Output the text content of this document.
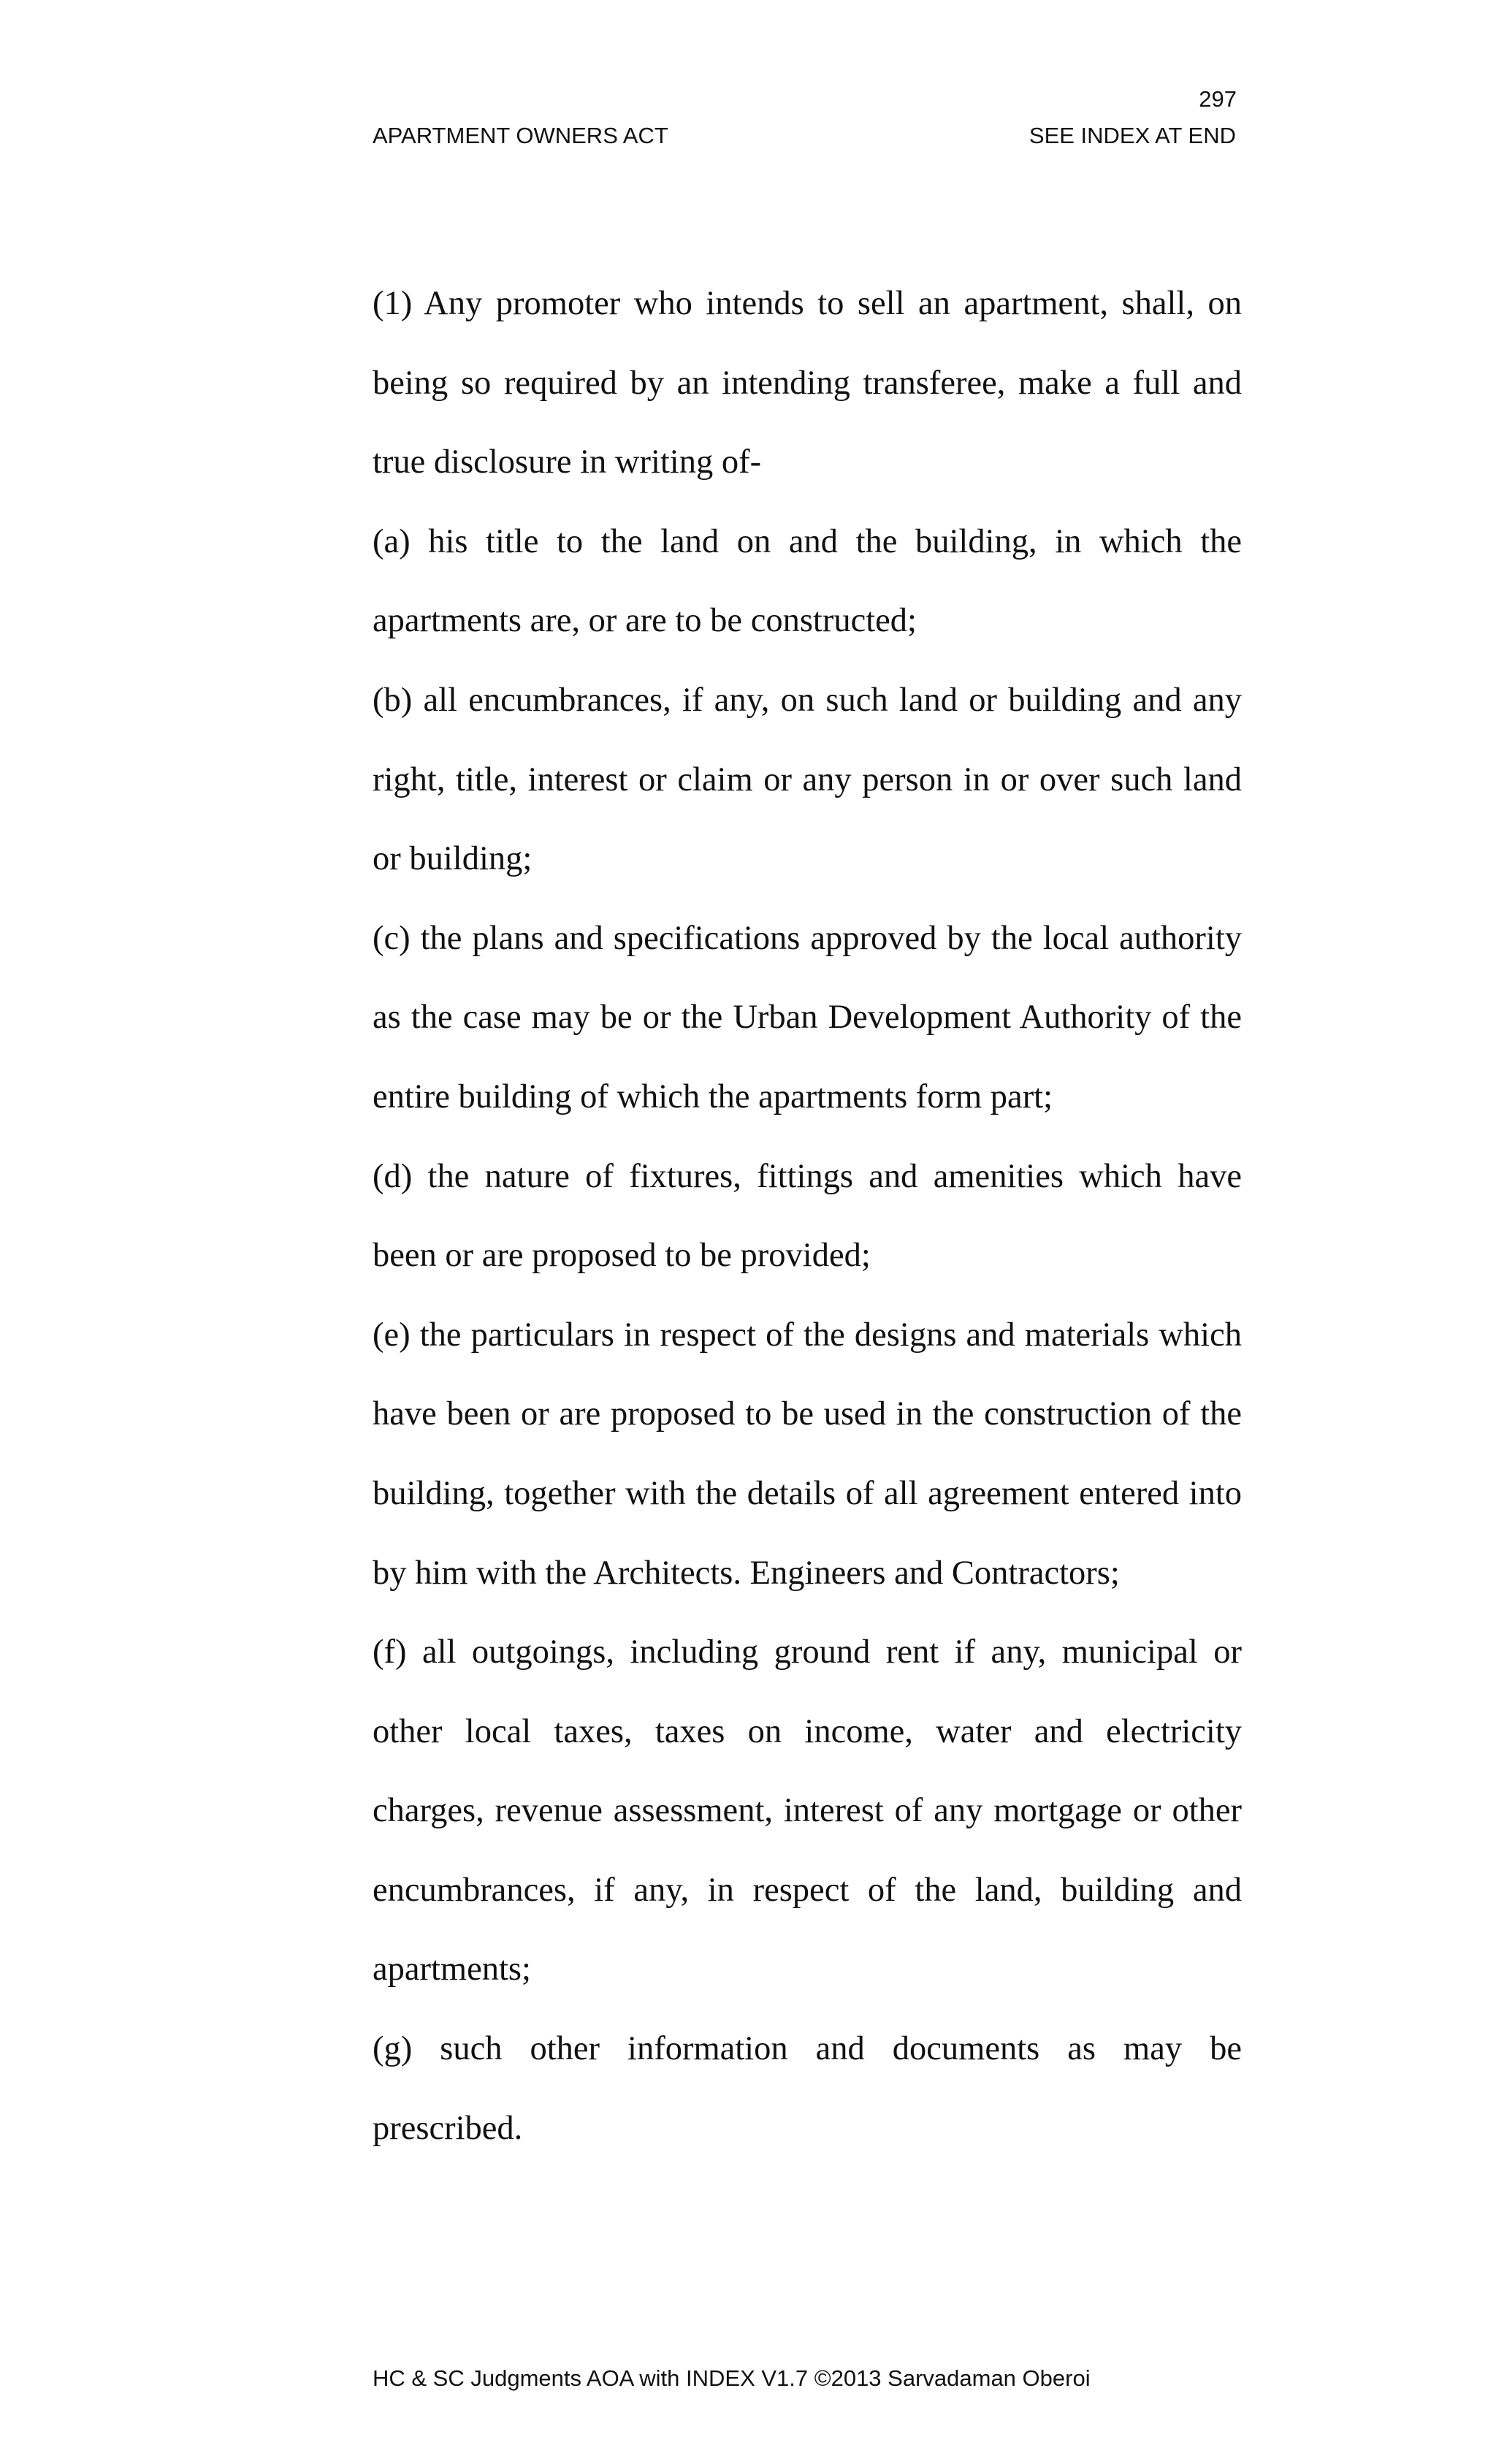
297
APARTMENT OWNERS ACT	SEE INDEX AT END

(1) Any promoter who intends to sell an apartment, shall, on being so required by an intending transferee, make a full and true disclosure in writing of-

(a) his title to the land on and the building, in which the apartments are, or are to be constructed;

(b) all encumbrances, if any, on such land or building and any right, title, interest or claim or any person in or over such land or building;

(c) the plans and specifications approved by the local authority as the case may be or the Urban Development Authority of the entire building of which the apartments form part;

(d) the nature of fixtures, fittings and amenities which have been or are proposed to be provided;

(e) the particulars in respect of the designs and materials which have been or are proposed to be used in the construction of the building, together with the details of all agreement entered into by him with the Architects. Engineers and Contractors;

(f) all outgoings, including ground rent if any, municipal or other local taxes, taxes on income, water and electricity charges, revenue assessment, interest of any mortgage or other encumbrances, if any, in respect of the land, building and apartments;

(g) such other information and documents as may be prescribed.

HC & SC Judgments AOA with INDEX V1.7 ©2013 Sarvadaman Oberoi
